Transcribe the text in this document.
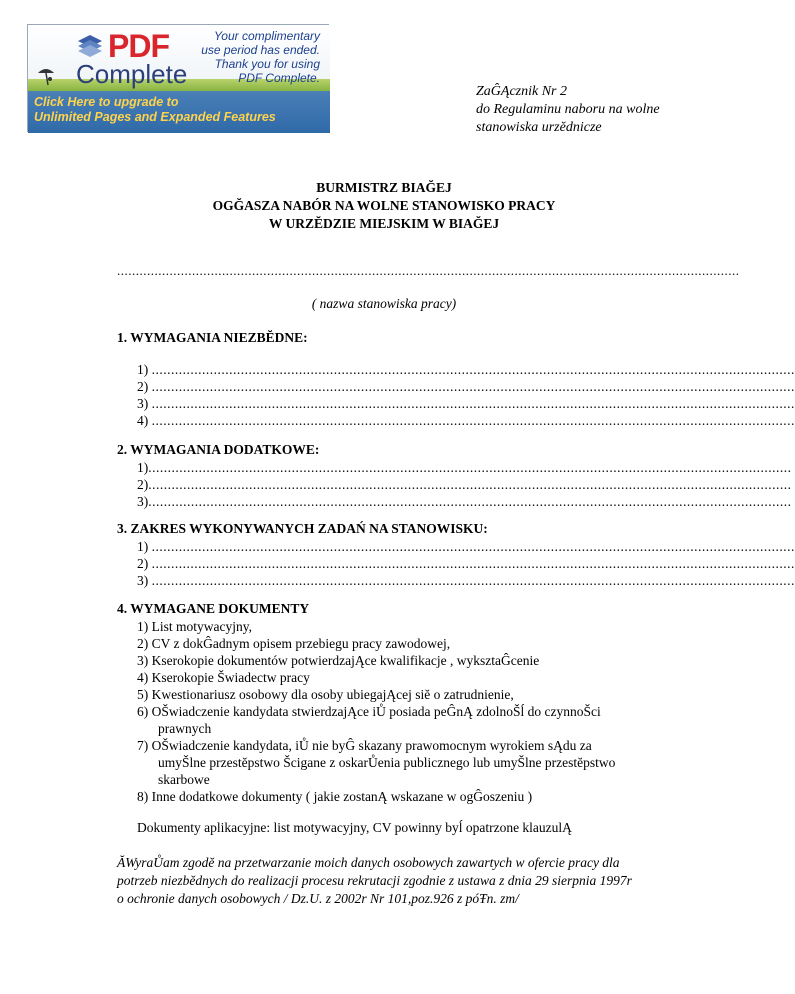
PDF
Complete
Your complimentary
use period has ended.
Thank you for using
PDF Complete.
Click Here to upgrade to
Unlimited Pages and Expanded Features
ZaĜĄcznik Nr 2
do Regulaminu naboru na wolne
stanowiska urzĕdnicze
BURMISTRZ BIAĞEJ
OGĞASZA NABÓR NA WOLNE STANOWISKO PRACY
W URZĔDZIE MIEJSKIM W BIAĞEJ
......................................................................................................................................................................
( nazwa stanowiska pracy)
1. WYMAGANIA NIEZBĔDNE:
1) ......................................................................................................................................................................
2) ......................................................................................................................................................................
3) ......................................................................................................................................................................
4) ......................................................................................................................................................................
2. WYMAGANIA DODATKOWE:
1)......................................................................................................................................................................
2)......................................................................................................................................................................
3)......................................................................................................................................................................
3. ZAKRES WYKONYWANYCH ZADAŃ NA STANOWISKU:
1) ......................................................................................................................................................................
2) ......................................................................................................................................................................
3) ......................................................................................................................................................................
4. WYMAGANE DOKUMENTY
1) List motywacyjny,
2) CV z dokĜadnym opisem przebiegu pracy zawodowej,
3) Kserokopie dokumentów potwierdzajĄce kwalifikacje , wyksztaĜcenie
4) Kserokopie Šwiadectw pracy
5) Kwestionariusz osobowy dla osoby ubiegajĄcej siĕ o zatrudnienie,
6) OŠwiadczenie kandydata stwierdzajĄce iŮ posiada peĜnĄ zdolnoŠĺ do czynnoŠci
prawnych
7) OŠwiadczenie kandydata, iŮ nie byĜ skazany prawomocnym wyrokiem sĄdu za
umyŠlne przestĕpstwo Šcigane z oskarŮenia publicznego lub umyŠlne przestĕpstwo
skarbowe
8) Inne dodatkowe dokumenty ( jakie zostanĄ wskazane w ogĜoszeniu )
Dokumenty aplikacyjne: list motywacyjny, CV powinny byĺ opatrzone klauzulĄ
ĂWyraŮam zgodĕ na przetwarzanie moich danych osobowych zawartych w ofercie pracy dla
potrzeb niezbĕdnych do realizacji procesu rekrutacji zgodnie z ustawa z dnia 29 sierpnia 1997r
o ochronie danych osobowych / Dz.U. z 2002r Nr 101,poz.926 z póŦn. zm/
